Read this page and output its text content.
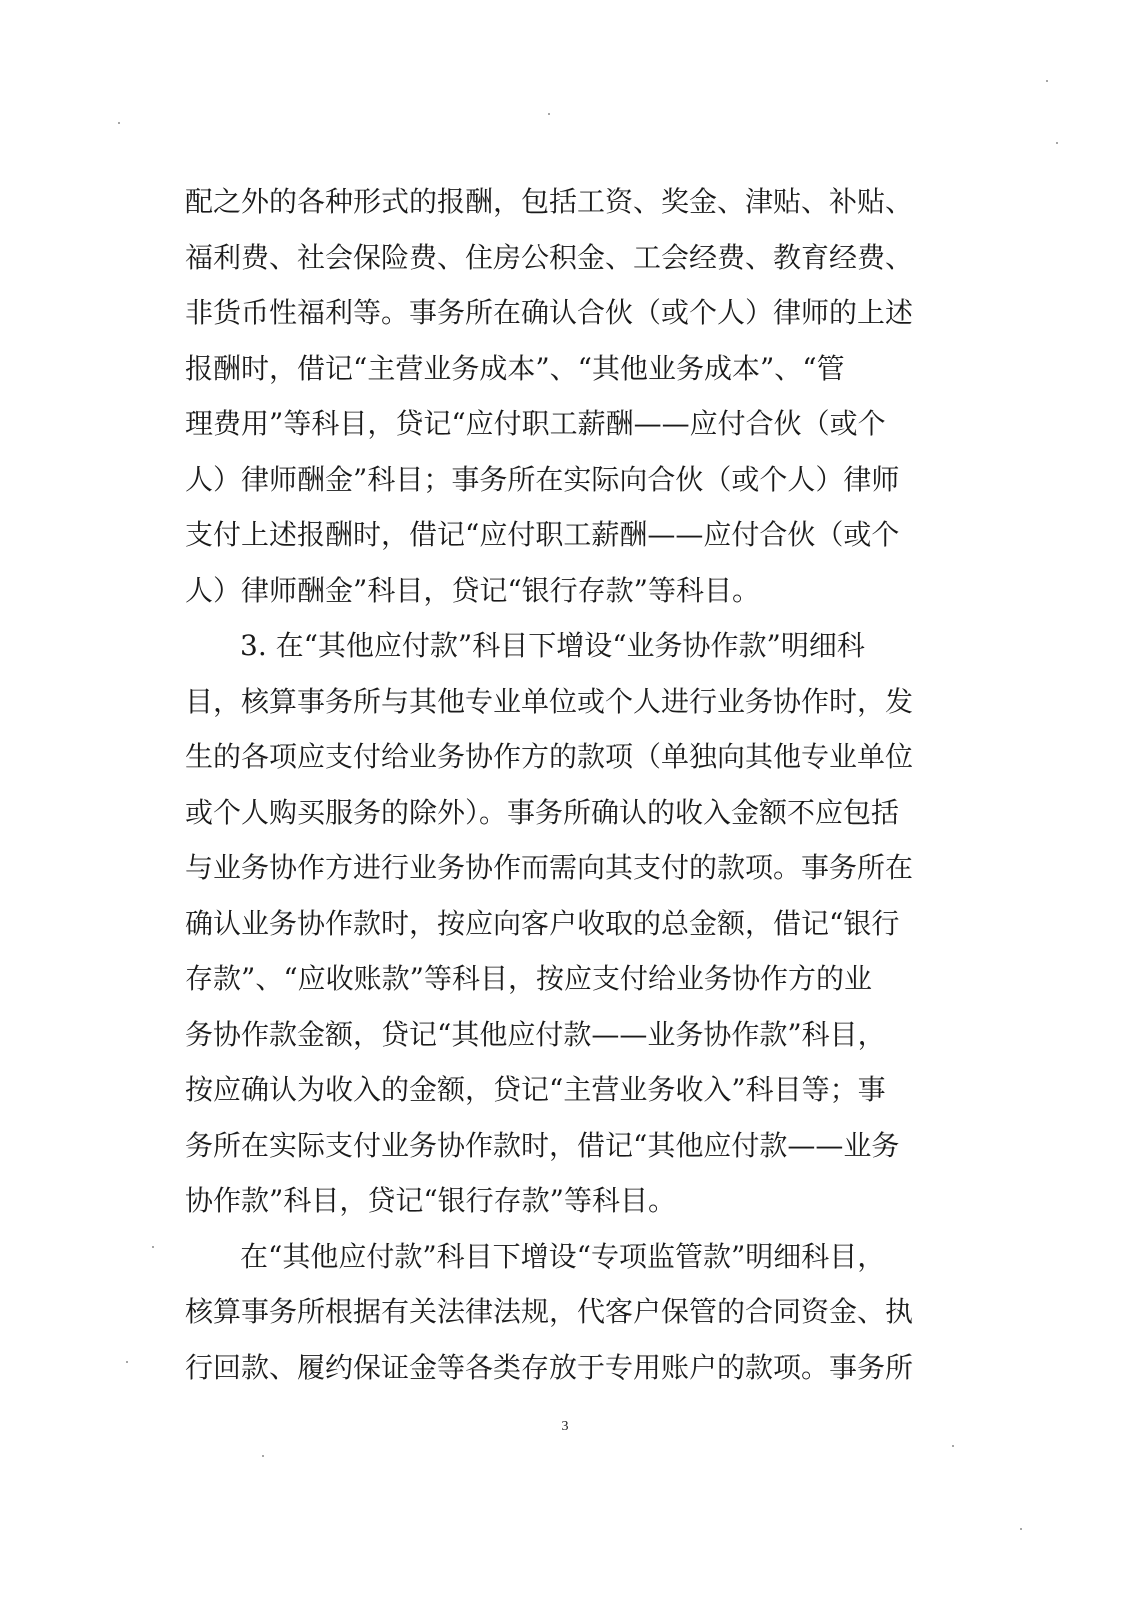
配之外的各种形式的报酬，包括工资、奖金、津贴、补贴、
福利费、社会保险费、住房公积金、工会经费、教育经费、
非货币性福利等。事务所在确认合伙（或个人）律师的上述
报酬时，借记“主营业务成本”、“其他业务成本”、“管
理费用”等科目，贷记“应付职工薪酬——应付合伙（或个
人）律师酬金”科目；事务所在实际向合伙（或个人）律师
支付上述报酬时，借记“应付职工薪酬——应付合伙（或个
人）律师酬金”科目，贷记“银行存款”等科目。
3. 在“其他应付款”科目下增设“业务协作款”明细科
目，核算事务所与其他专业单位或个人进行业务协作时，发
生的各项应支付给业务协作方的款项（单独向其他专业单位
或个人购买服务的除外）。事务所确认的收入金额不应包括
与业务协作方进行业务协作而需向其支付的款项。事务所在
确认业务协作款时，按应向客户收取的总金额，借记“银行
存款”、“应收账款”等科目，按应支付给业务协作方的业
务协作款金额，贷记“其他应付款——业务协作款”科目，
按应确认为收入的金额，贷记“主营业务收入”科目等；事
务所在实际支付业务协作款时，借记“其他应付款——业务
协作款”科目，贷记“银行存款”等科目。
在“其他应付款”科目下增设“专项监管款”明细科目，
核算事务所根据有关法律法规，代客户保管的合同资金、执
行回款、履约保证金等各类存放于专用账户的款项。事务所
3
